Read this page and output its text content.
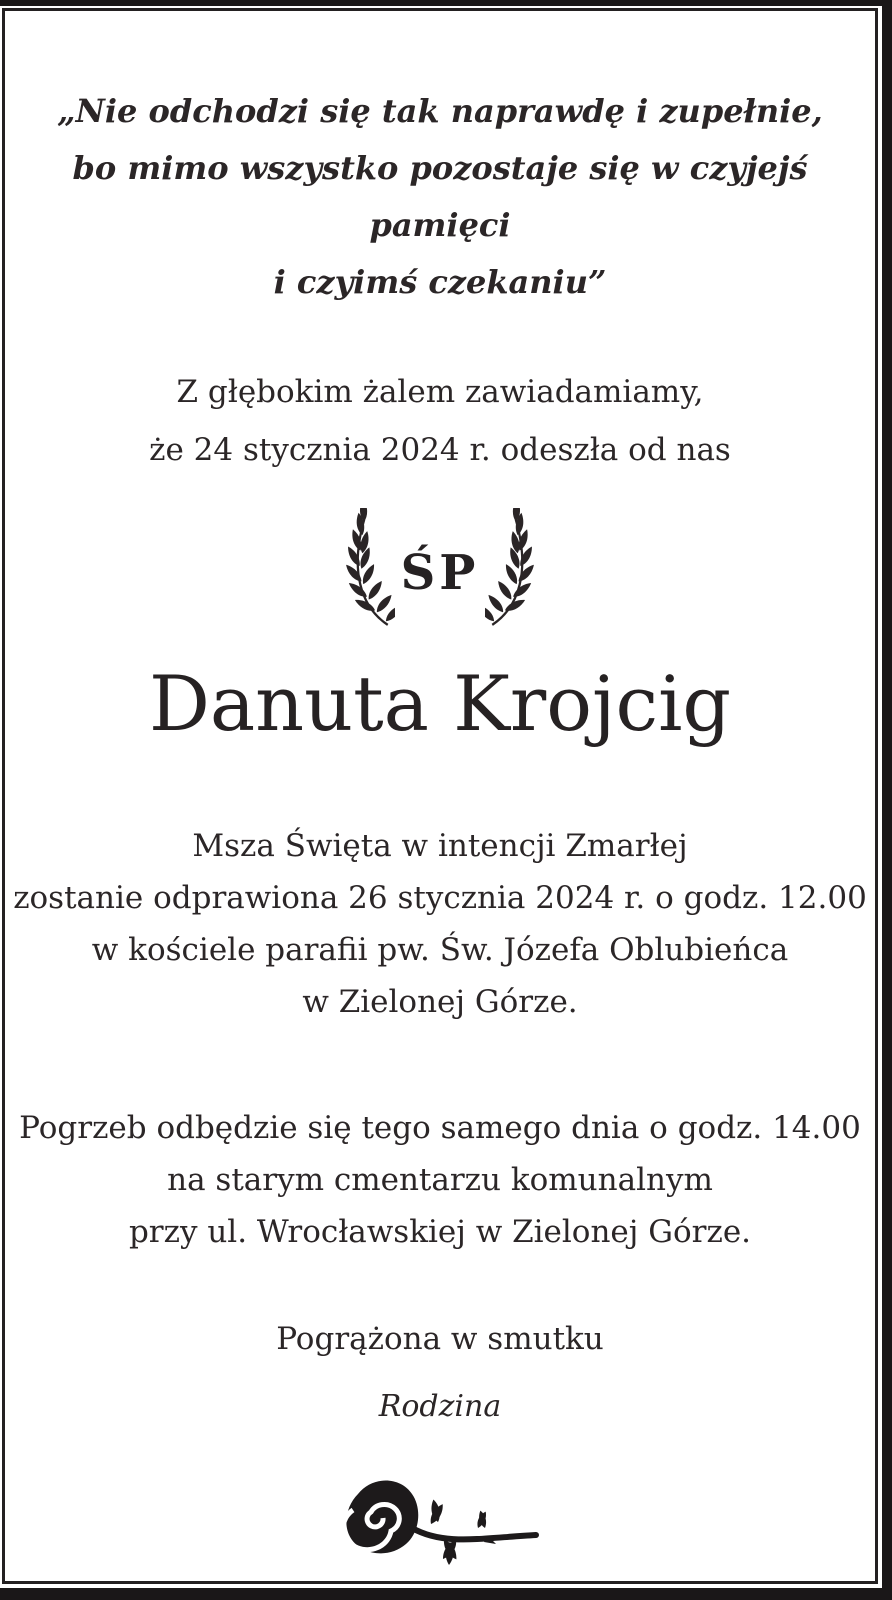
„Nie odchodzi się tak naprawdę i zupełnie,
bo mimo wszystko pozostaje się w czyjejś pamięci
i czyimś czekaniu”
Z głębokim żalem zawiadamiamy,
że 24 stycznia 2024 r. odeszła od nas
ŚP
Danuta Krojcig
Msza Święta w intencji Zmarłej
zostanie odprawiona 26 stycznia 2024 r. o godz. 12.00
w kościele parafii pw. Św. Józefa Oblubieńca
w Zielonej Górze.
Pogrzeb odbędzie się tego samego dnia o godz. 14.00
na starym cmentarzu komunalnym
przy ul. Wrocławskiej w Zielonej Górze.
Pogrążona w smutku
Rodzina
